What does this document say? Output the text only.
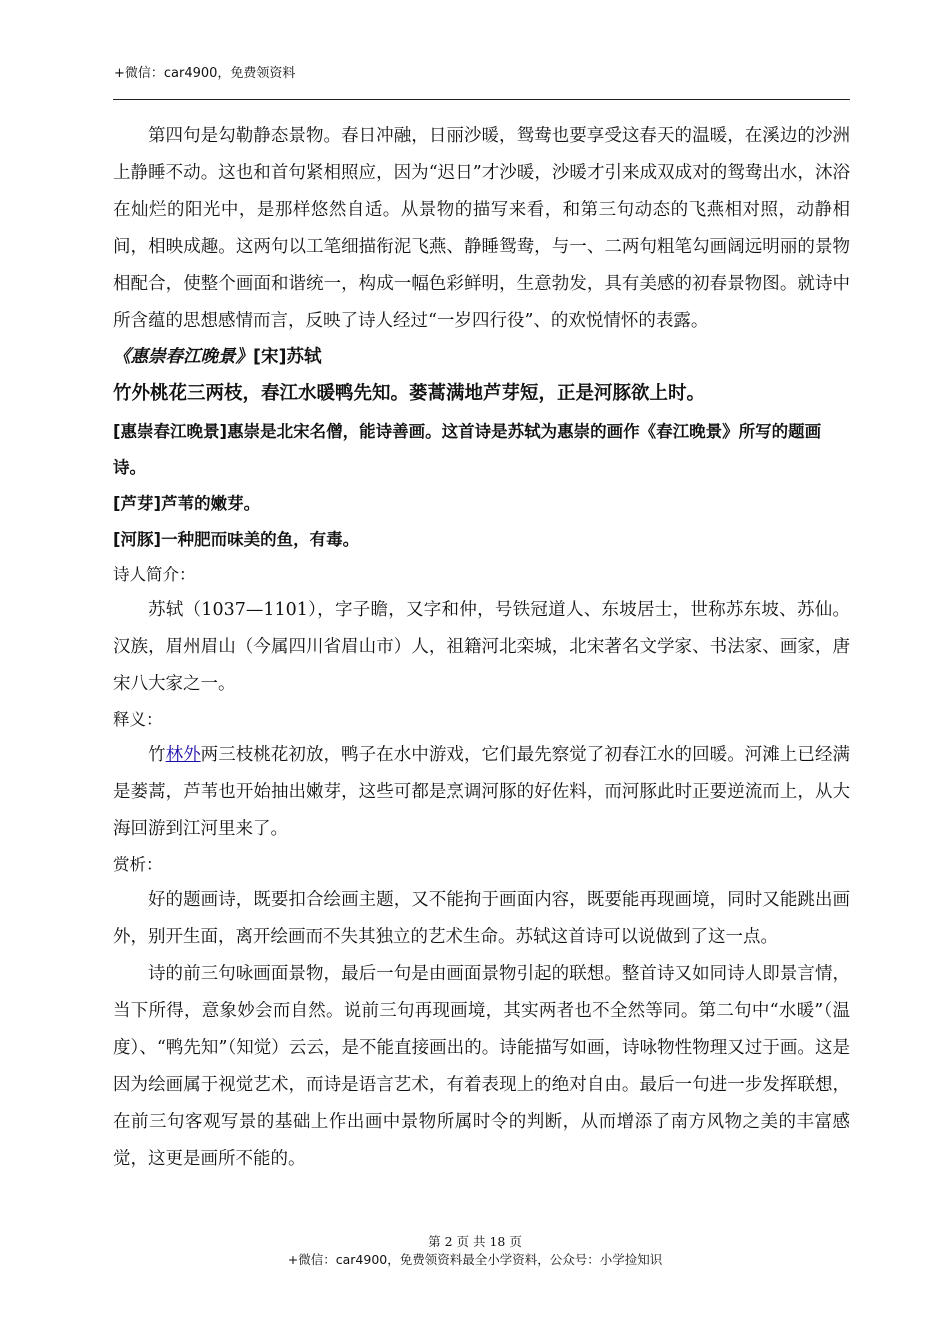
+微信：car4900，免费领资料

第四句是勾勒静态景物。春日冲融，日丽沙暖，鸳鸯也要享受这春天的温暖，在溪边的沙洲上静睡不动。这也和首句紧相照应，因为“迟日”才沙暖，沙暖才引来成双成对的鸳鸯出水，沐浴在灿烂的阳光中，是那样悠然自适。从景物的描写来看，和第三句动态的飞燕相对照，动静相间，相映成趣。这两句以工笔细描衔泥飞燕、静睡鸳鸯，与一、二两句粗笔勾画阔远明丽的景物相配合，使整个画面和谐统一，构成一幅色彩鲜明，生意勃发，具有美感的初春景物图。就诗中所含蕴的思想感情而言，反映了诗人经过“一岁四行役”、的欢悦情怀的表露。

《惠崇春江晚景》[宋]苏轼

竹外桃花三两枝，春江水暖鸭先知。蒌蒿满地芦芽短，正是河豚欲上时。

[惠崇春江晚景]惠崇是北宋名僧，能诗善画。这首诗是苏轼为惠崇的画作《春江晚景》所写的题画诗。

[芦芽]芦苇的嫩芽。

[河豚]一种肥而味美的鱼，有毒。

诗人简介：

苏轼（1037—1101），字子瞻，又字和仲，号铁冠道人、东坡居士，世称苏东坡、苏仙。汉族，眉州眉山（今属四川省眉山市）人，祖籍河北栾城，北宋著名文学家、书法家、画家，唐宋八大家之一。

释义：

竹林外两三枝桃花初放，鸭子在水中游戏，它们最先察觉了初春江水的回暖。河滩上已经满是蒌蒿，芦苇也开始抽出嫩芽，这些可都是烹调河豚的好佐料，而河豚此时正要逆流而上，从大海回游到江河里来了。

赏析：

好的题画诗，既要扣合绘画主题，又不能拘于画面内容，既要能再现画境，同时又能跳出画外，别开生面，离开绘画而不失其独立的艺术生命。苏轼这首诗可以说做到了这一点。

诗的前三句咏画面景物，最后一句是由画面景物引起的联想。整首诗又如同诗人即景言情，当下所得，意象妙会而自然。说前三句再现画境，其实两者也不全然等同。第二句中“水暖”（温度）、“鸭先知”（知觉）云云，是不能直接画出的。诗能描写如画，诗咏物性物理又过于画。这是因为绘画属于视觉艺术，而诗是语言艺术，有着表现上的绝对自由。最后一句进一步发挥联想，在前三句客观写景的基础上作出画中景物所属时令的判断，从而增添了南方风物之美的丰富感觉，这更是画所不能的。

第 2 页 共 18 页
+微信：car4900，免费领资料最全小学资料，公众号：小学捡知识
